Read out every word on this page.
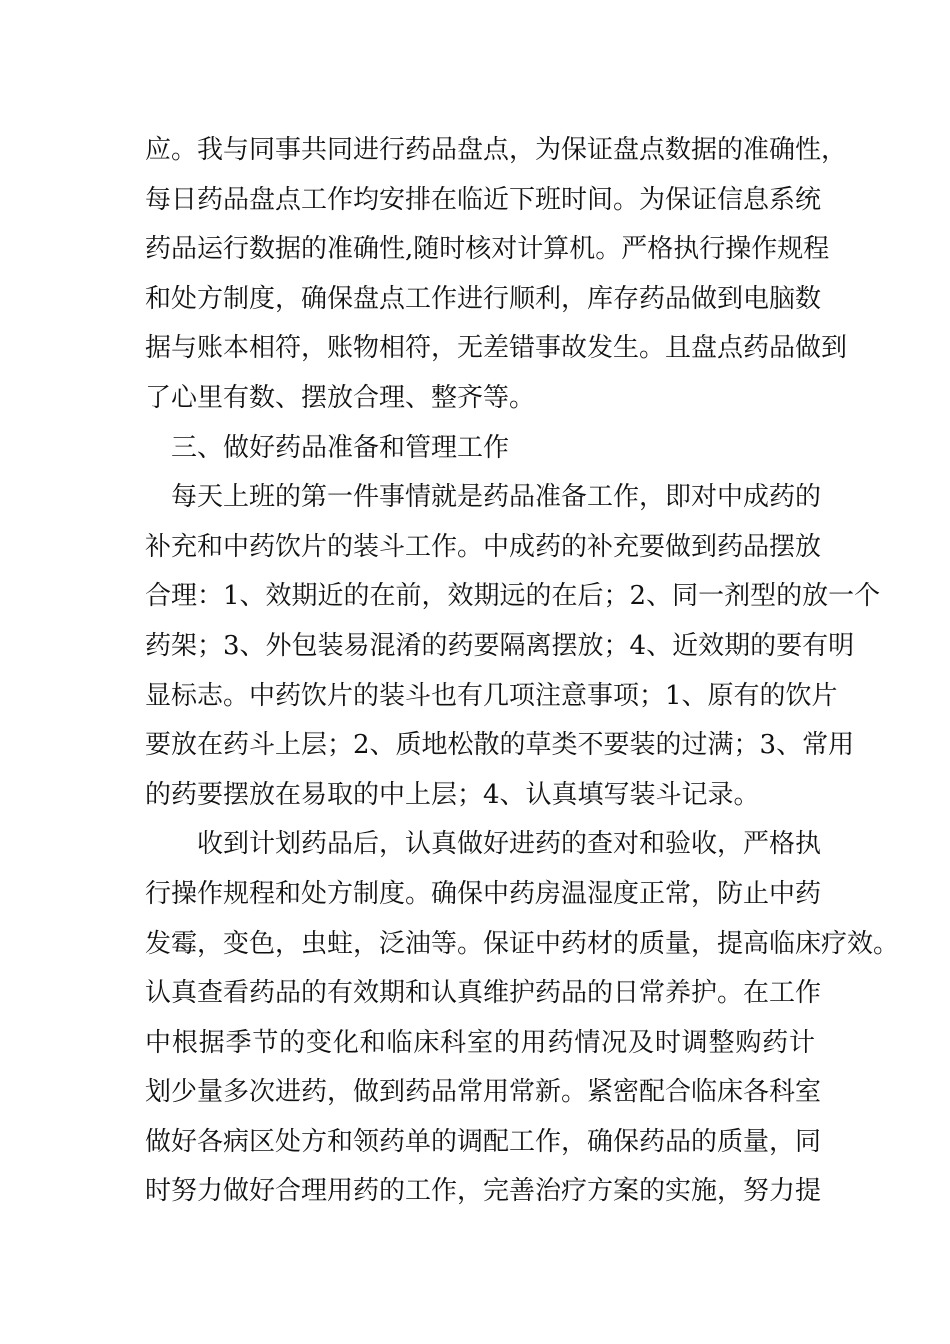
应。我与同事共同进行药品盘点，为保证盘点数据的准确性，
每日药品盘点工作均安排在临近下班时间。为保证信息系统
药品运行数据的准确性,随时核对计算机。严格执行操作规程
和处方制度，确保盘点工作进行顺利，库存药品做到电脑数
据与账本相符，账物相符，无差错事故发生。且盘点药品做到
了心里有数、摆放合理、整齐等。
三、做好药品准备和管理工作
每天上班的第一件事情就是药品准备工作，即对中成药的
补充和中药饮片的装斗工作。中成药的补充要做到药品摆放
合理：1、效期近的在前，效期远的在后；2、同一剂型的放一个
药架；3、外包装易混淆的药要隔离摆放；4、近效期的要有明
显标志。中药饮片的装斗也有几项注意事项；1、原有的饮片
要放在药斗上层；2、质地松散的草类不要装的过满；3、常用
的药要摆放在易取的中上层；4、认真填写装斗记录。
收到计划药品后，认真做好进药的查对和验收，严格执
行操作规程和处方制度。确保中药房温湿度正常，防止中药
发霉，变色，虫蛀，泛油等。保证中药材的质量，提高临床疗效。
认真查看药品的有效期和认真维护药品的日常养护。在工作
中根据季节的变化和临床科室的用药情况及时调整购药计
划少量多次进药，做到药品常用常新。紧密配合临床各科室
做好各病区处方和领药单的调配工作，确保药品的质量，同
时努力做好合理用药的工作，完善治疗方案的实施，努力提
